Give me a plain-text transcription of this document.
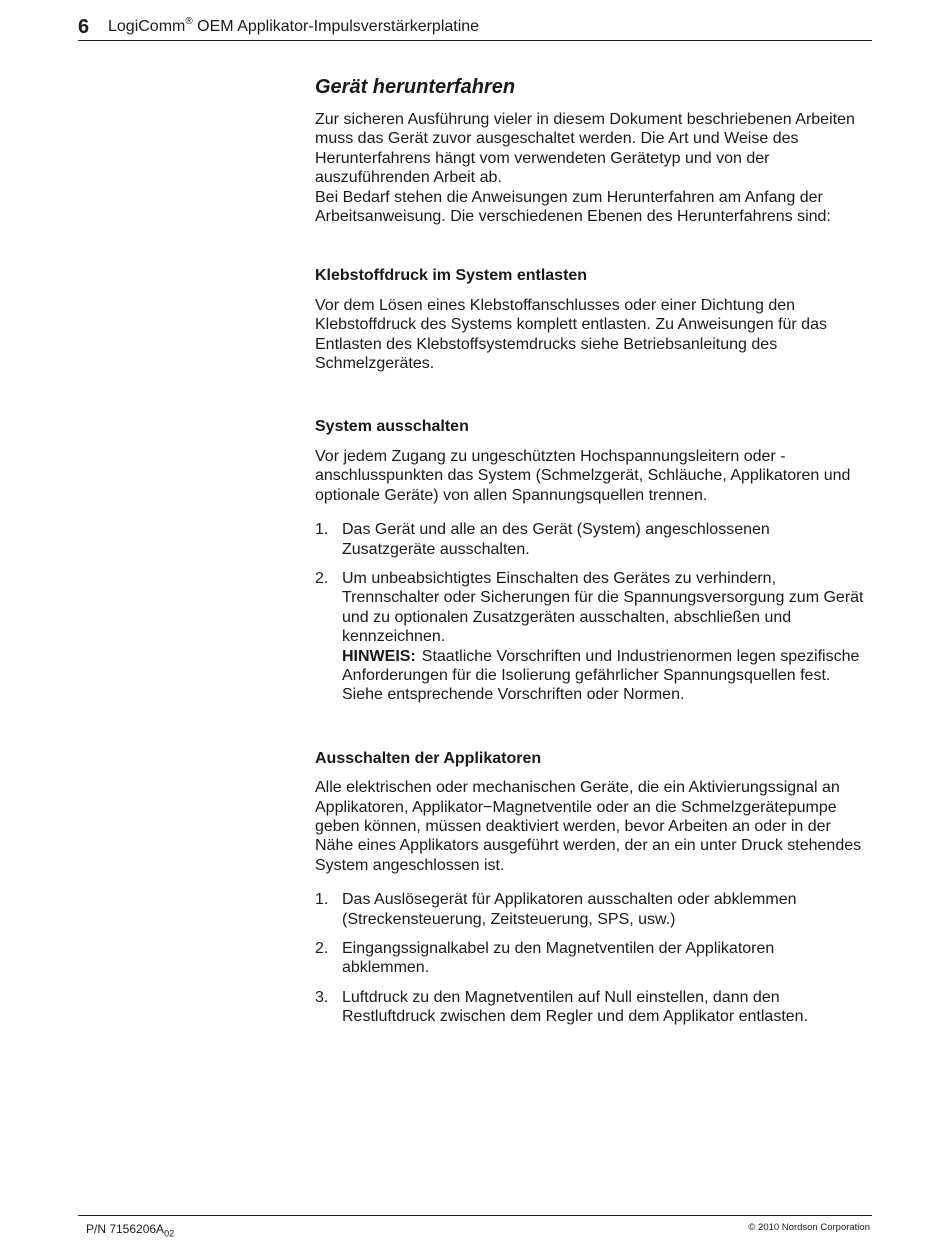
6 LogiComm® OEM Applikator-Impulsverstärkerplatine
Gerät herunterfahren

Zur sicheren Ausführung vieler in diesem Dokument beschriebenen Arbeiten muss das Gerät zuvor ausgeschaltet werden. Die Art und Weise des Herunterfahrens hängt vom verwendeten Gerätetyp und von der auszuführenden Arbeit ab.

Bei Bedarf stehen die Anweisungen zum Herunterfahren am Anfang der Arbeitsanweisung. Die verschiedenen Ebenen des Herunterfahrens sind:

Klebstoffdruck im System entlasten

Vor dem Lösen eines Klebstoffanschlusses oder einer Dichtung den Klebstoffdruck des Systems komplett entlasten. Zu Anweisungen für das Entlasten des Klebstoffsystemdrucks siehe Betriebsanleitung des Schmelzgerätes.

System ausschalten

Vor jedem Zugang zu ungeschützten Hochspannungsleitern oder -anschlusspunkten das System (Schmelzgerät, Schläuche, Applikatoren und optionale Geräte) von allen Spannungsquellen trennen.

1. Das Gerät und alle an des Gerät (System) angeschlossenen Zusatzgeräte ausschalten.
2. Um unbeabsichtigtes Einschalten des Gerätes zu verhindern, Trennschalter oder Sicherungen für die Spannungsversorgung zum Gerät und zu optionalen Zusatzgeräten ausschalten, abschließen und kennzeichnen.

HINWEIS: Staatliche Vorschriften und Industrienormen legen spezifische Anforderungen für die Isolierung gefährlicher Spannungsquellen fest. Siehe entsprechende Vorschriften oder Normen.

Ausschalten der Applikatoren

Alle elektrischen oder mechanischen Geräte, die ein Aktivierungssignal an Applikatoren, Applikator−Magnetventile oder an die Schmelzgerätepumpe geben können, müssen deaktiviert werden, bevor Arbeiten an oder in der Nähe eines Applikators ausgeführt werden, der an ein unter Druck stehendes System angeschlossen ist.

1. Das Auslösegerät für Applikatoren ausschalten oder abklemmen (Streckensteuerung, Zeitsteuerung, SPS, usw.)
2. Eingangssignalkabel zu den Magnetventilen der Applikatoren abklemmen.
3. Luftdruck zu den Magnetventilen auf Null einstellen, dann den Restluftdruck zwischen dem Regler und dem Applikator entlasten.
P/N $7156206A_{02}$
© 2010 Nordson Corporation
